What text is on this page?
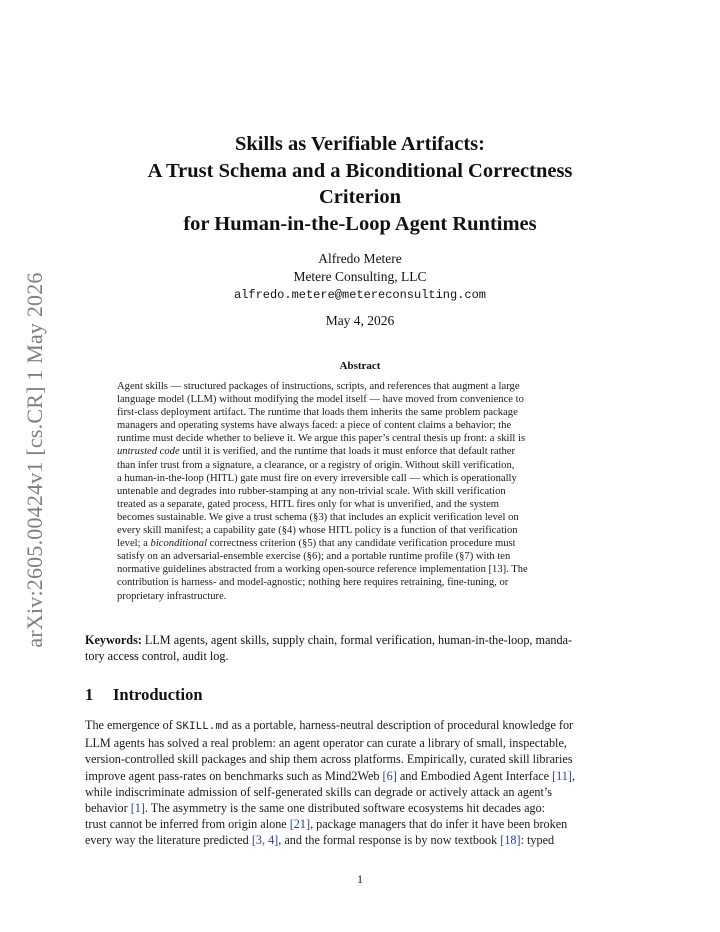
arXiv:2605.00424v1 [cs.CR] 1 May 2026
Skills as Verifiable Artifacts:
A Trust Schema and a Biconditional Correctness
Criterion
for Human-in-the-Loop Agent Runtimes
Alfredo Metere
Metere Consulting, LLC
alfredo.metere@metereconsulting.com
May 4, 2026
Abstract
Agent skills — structured packages of instructions, scripts, and references that augment a large
language model (LLM) without modifying the model itself — have moved from convenience to
first-class deployment artifact. The runtime that loads them inherits the same problem package
managers and operating systems have always faced: a piece of content claims a behavior; the
runtime must decide whether to believe it. We argue this paper’s central thesis up front: a skill is
untrusted code until it is verified, and the runtime that loads it must enforce that default rather
than infer trust from a signature, a clearance, or a registry of origin. Without skill verification,
a human-in-the-loop (HITL) gate must fire on every irreversible call — which is operationally
untenable and degrades into rubber-stamping at any non-trivial scale. With skill verification
treated as a separate, gated process, HITL fires only for what is unverified, and the system
becomes sustainable. We give a trust schema (§3) that includes an explicit verification level on
every skill manifest; a capability gate (§4) whose HITL policy is a function of that verification
level; a biconditional correctness criterion (§5) that any candidate verification procedure must
satisfy on an adversarial-ensemble exercise (§6); and a portable runtime profile (§7) with ten
normative guidelines abstracted from a working open-source reference implementation [13]. The
contribution is harness- and model-agnostic; nothing here requires retraining, fine-tuning, or
proprietary infrastructure.
Keywords: LLM agents, agent skills, supply chain, formal verification, human-in-the-loop, manda-
tory access control, audit log.
1 Introduction
The emergence of SKILL.md as a portable, harness-neutral description of procedural knowledge for
LLM agents has solved a real problem: an agent operator can curate a library of small, inspectable,
version-controlled skill packages and ship them across platforms. Empirically, curated skill libraries
improve agent pass-rates on benchmarks such as Mind2Web [6] and Embodied Agent Interface [11],
while indiscriminate admission of self-generated skills can degrade or actively attack an agent’s
behavior [1]. The asymmetry is the same one distributed software ecosystems hit decades ago:
trust cannot be inferred from origin alone [21], package managers that do infer it have been broken
every way the literature predicted [3, 4], and the formal response is by now textbook [18]: typed
1
